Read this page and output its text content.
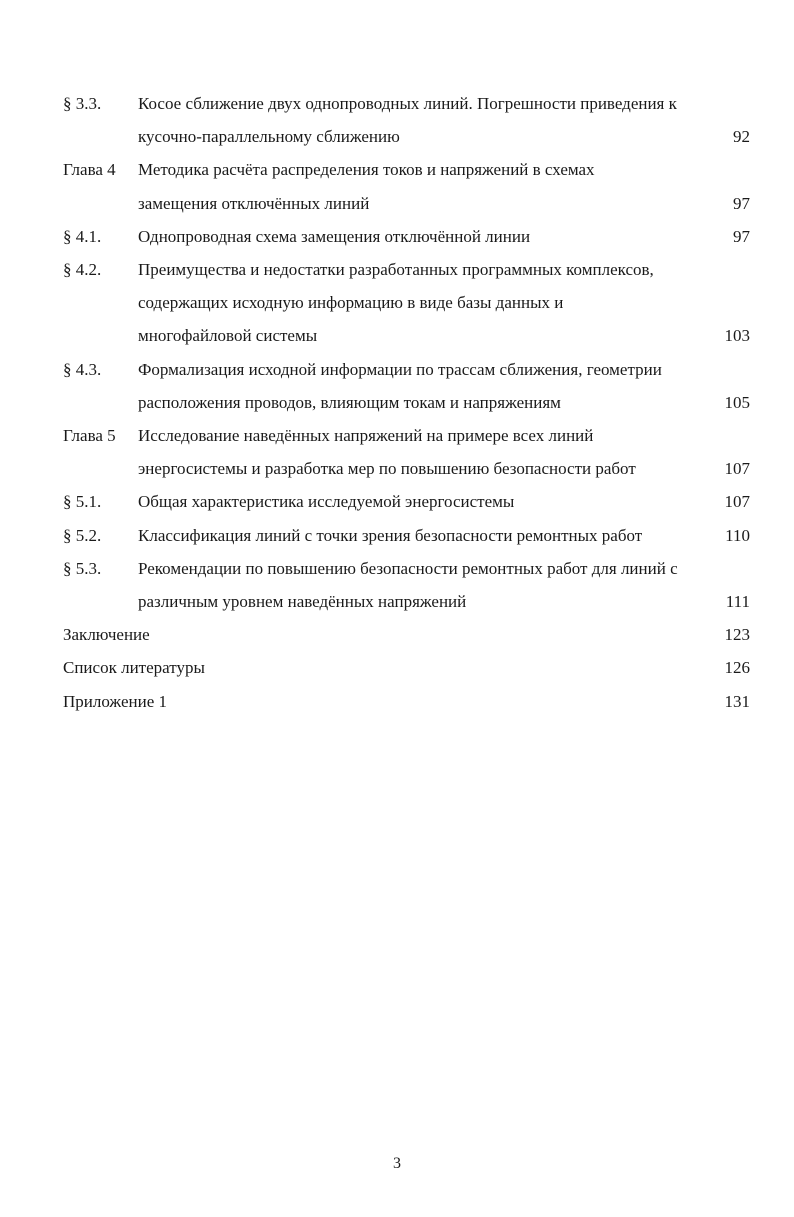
§ 3.3.	Косое сближение двух однопроводных линий. Погрешности приведения к
кусочно-параллельному сближению	92
Глава 4	Методика расчёта распределения токов и напряжений в схемах
замещения отключённых линий	97
§ 4.1.	Однопроводная схема замещения отключённой линии	97
§ 4.2.	Преимущества и недостатки разработанных программных комплексов,
содержащих исходную информацию в виде базы данных и
многофайловой системы	103
§ 4.3.	Формализация исходной информации по трассам сближения, геометрии
расположения проводов, влияющим токам и напряжениям	105
Глава 5	Исследование наведённых напряжений на примере всех линий
энергосистемы и разработка мер по повышению безопасности работ	107
§ 5.1.	Общая характеристика исследуемой энергосистемы	107
§ 5.2.	Классификация линий с точки зрения безопасности ремонтных работ	110
§ 5.3.	Рекомендации по повышению безопасности ремонтных работ для линий с
различным уровнем наведённых напряжений	111
Заключение	123
Список литературы	126
Приложение 1	131
3
